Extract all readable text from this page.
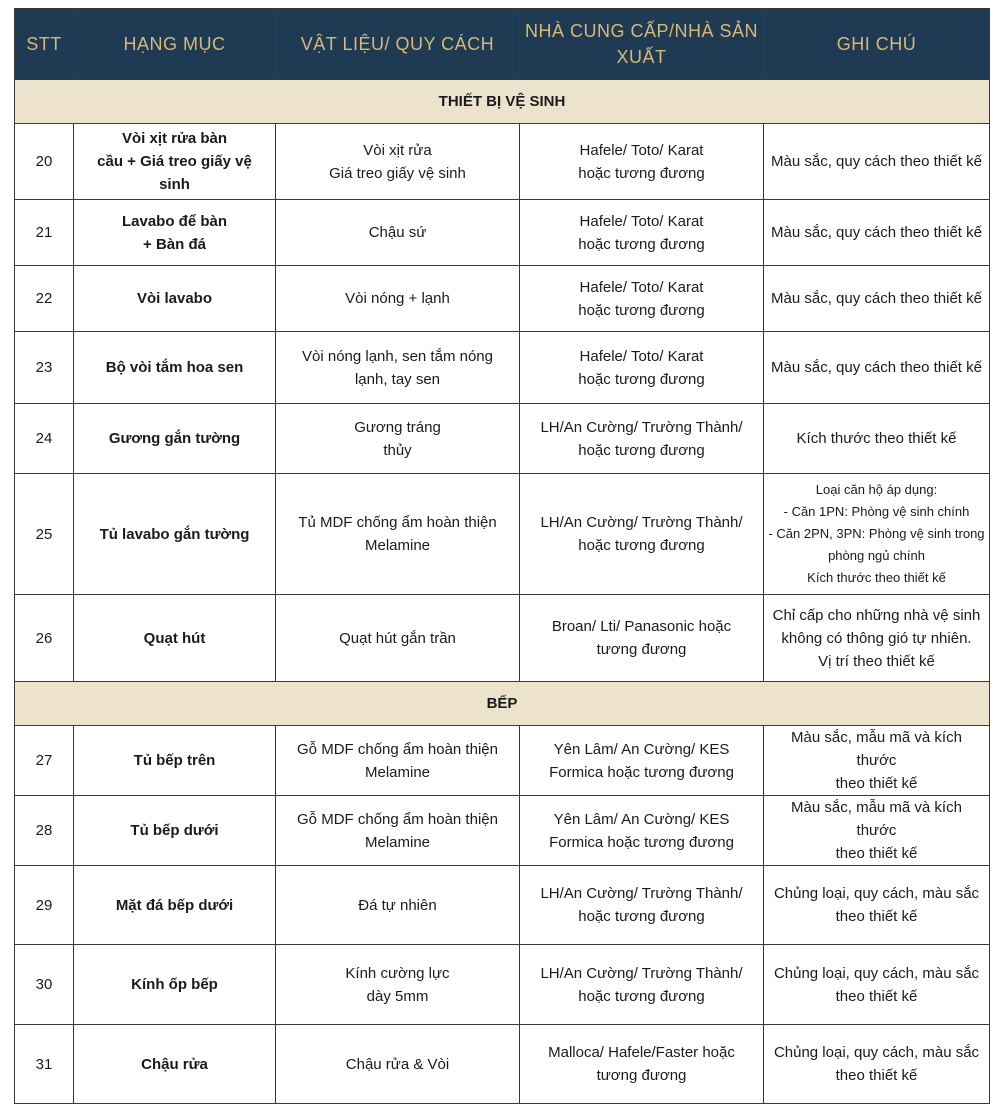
STT	HẠNG MỤC	VẬT LIỆU/ QUY CÁCH	NHÀ CUNG CẤP/NHÀ SẢN XUẤT	GHI CHÚ
THIẾT BỊ VỆ SINH				

20	Vòi xịt rửa bàn
cầu + Giá treo giấy vệ
sinh	Vòi xịt rửa
Giá treo giấy vệ sinh	Hafele/ Toto/ Karat
hoặc tương đương	Màu sắc, quy cách theo thiết kế

21	Lavabo để bàn
+ Bàn đá	Chậu sứ	Hafele/ Toto/ Karat
hoặc tương đương	Màu sắc, quy cách theo thiết kế

22	Vòi lavabo	Vòi nóng + lạnh	Hafele/ Toto/ Karat
hoặc tương đương	Màu sắc, quy cách theo thiết kế

23	Bộ vòi tắm hoa sen	Vòi nóng lạnh, sen tắm nóng
lạnh, tay sen	Hafele/ Toto/ Karat
hoặc tương đương	Màu sắc, quy cách theo thiết kế

24	Gương gắn tường	Gương tráng
thủy	LH/An Cường/ Trường Thành/
hoặc tương đương	Kích thước theo thiết kế

25	Tủ lavabo gắn tường	Tủ MDF chống ẩm hoàn thiện
Melamine	LH/An Cường/ Trường Thành/
hoặc tương đương	Loại căn hộ áp dụng:
- Căn 1PN: Phòng vệ sinh chính
- Căn 2PN, 3PN: Phòng vệ sinh trong
phòng ngủ chính
Kích thước theo thiết kế

26	Quạt hút	Quạt hút gắn trần	Broan/ Lti/ Panasonic hoặc
tương đương	Chỉ cấp cho những nhà vệ sinh
không có thông gió tự nhiên.
Vị trí theo thiết kế

BẾP				

27	Tủ bếp trên	Gỗ MDF chống ẩm hoàn thiện
Melamine	Yên Lâm/ An Cường/ KES
Formica hoặc tương đương	Màu sắc, mẫu mã và kích thước
theo thiết kế

28	Tủ bếp dưới	Gỗ MDF chống ẩm hoàn thiện
Melamine	Yên Lâm/ An Cường/ KES
Formica hoặc tương đương	Màu sắc, mẫu mã và kích thước
theo thiết kế

29	Mặt đá bếp dưới	Đá tự nhiên	LH/An Cường/ Trường Thành/
hoặc tương đương	Chủng loại, quy cách, màu sắc
theo thiết kế

30	Kính ốp bếp	Kính cường lực
dày 5mm	LH/An Cường/ Trường Thành/
hoặc tương đương	Chủng loại, quy cách, màu sắc
theo thiết kế

31	Chậu rửa	Chậu rửa & Vòi	Malloca/ Hafele/Faster hoặc
tương đương	Chủng loại, quy cách, màu sắc
theo thiết kế
